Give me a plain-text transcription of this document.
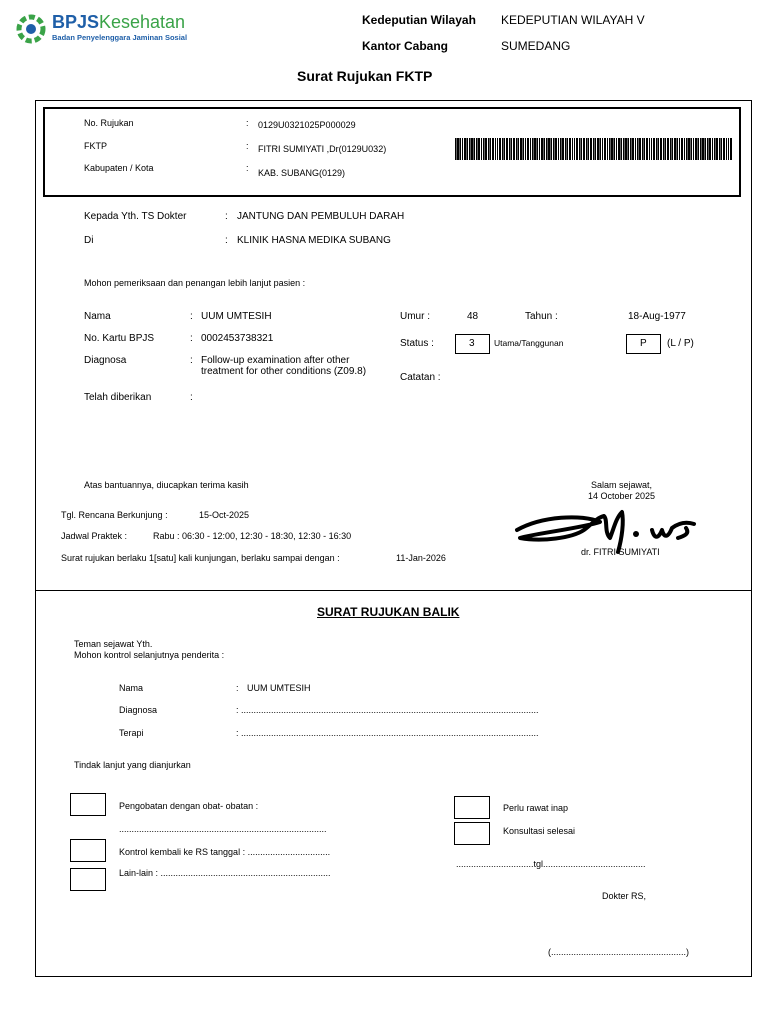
BPJS Kesehatan
Badan Penyelenggara Jaminan Sosial
Kedeputian Wilayah KEDEPUTIAN WILAYAH V
Kantor Cabang	SUMEDANG
Surat Rujukan FKTP
No. Rujukan	: 0129U0321025P000029
FKTP	: FITRI SUMIYATI ,Dr(0129U032)
Kabupaten / Kota	: KAB. SUBANG(0129)
Kepada Yth. TS Dokter	: JANTUNG DAN PEMBULUH DARAH
Di	: KLINIK HASNA MEDIKA SUBANG
Mohon pemeriksaan dan penangan lebih lanjut pasien :
Nama	: UUM UMTESIH
No. Kartu BPJS	: 0002453738321
Diagnosa	: Follow-up examination after other
treatment for other conditions (Z09.8)
Telah diberikan	:
Umur :	48	Tahun :	18-Aug-1977
Status :	3 Utama/Tanggunan	P (L / P)
Catatan :
Atas bantuannya, diucapkan terima kasih	Salam sejawat,
14 October 2025
Tgl. Rencana Berkunjung :	15-Oct-2025
Jadwal Praktek :	Rabu : 06:30 - 12:00, 12:30 - 18:30, 12:30 - 16:30
Surat rujukan berlaku 1[satu] kali kunjungan, berlaku sampai dengan :	11-Jan-2026
dr. FITRI SUMIYATI
SURAT RUJUKAN BALIK
Teman sejawat Yth.
Mohon kontrol selanjutnya penderita :
Nama	: UUM UMTESIH
Diagnosa	: .......................................................................................................................
Terapi	: .......................................................................................................................
Tindak lanjut yang dianjurkan
Pengobatan dengan obat- obatan :
...................................................................................
Kontrol kembali ke RS tanggal : .................................
Lain-lain : ....................................................................
Perlu rawat inap
Konsultasi selesai
...............................tgl.........................................
Dokter RS,
(......................................................)
